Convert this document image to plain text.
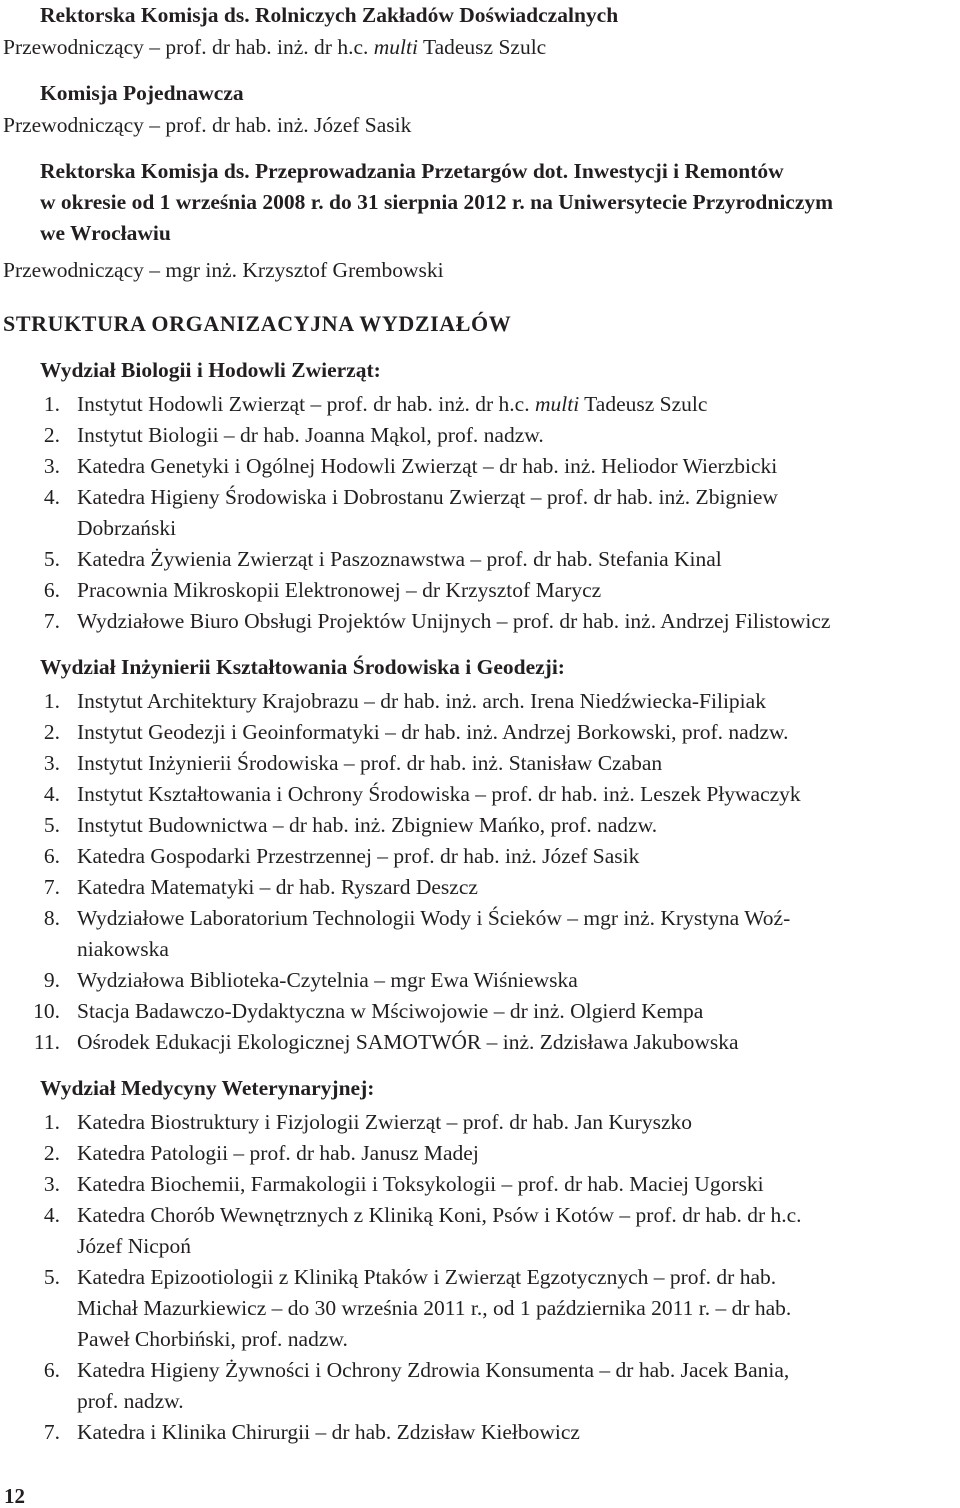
Rektorska Komisja ds. Rolniczych Zakładów Doświadczalnych
Przewodniczący – prof. dr hab. inż. dr h.c. multi Tadeusz Szulc
Komisja Pojednawcza
Przewodniczący – prof. dr hab. inż. Józef Sasik
Rektorska Komisja ds. Przeprowadzania Przetargów dot. Inwestycji i Remontów
w okresie od 1 września 2008 r. do 31 sierpnia 2012 r. na Uniwersytecie Przyrodniczym
we Wrocławiu
Przewodniczący – mgr inż. Krzysztof Grembowski
STRUKTURA ORGANIZACYJNA WYDZIAŁÓW
Wydział Biologii i Hodowli Zwierząt:
1. Instytut Hodowli Zwierząt – prof. dr hab. inż. dr h.c. multi Tadeusz Szulc
2. Instytut Biologii – dr hab. Joanna Mąkol, prof. nadzw.
3. Katedra Genetyki i Ogólnej Hodowli Zwierząt – dr hab. inż. Heliodor Wierzbicki
4. Katedra Higieny Środowiska i Dobrostanu Zwierząt – prof. dr hab. inż. Zbigniew
Dobrzański
5. Katedra Żywienia Zwierząt i Paszoznawstwa – prof. dr hab. Stefania Kinal
6. Pracownia Mikroskopii Elektronowej – dr Krzysztof Marycz
7. Wydziałowe Biuro Obsługi Projektów Unijnych – prof. dr hab. inż. Andrzej Filistowicz
Wydział Inżynierii Kształtowania Środowiska i Geodezji:
1. Instytut Architektury Krajobrazu – dr hab. inż. arch. Irena Niedźwiecka-Filipiak
2. Instytut Geodezji i Geoinformatyki – dr hab. inż. Andrzej Borkowski, prof. nadzw.
3. Instytut Inżynierii Środowiska – prof. dr hab. inż. Stanisław Czaban
4. Instytut Kształtowania i Ochrony Środowiska – prof. dr hab. inż. Leszek Pływaczyk
5. Instytut Budownictwa – dr hab. inż. Zbigniew Mańko, prof. nadzw.
6. Katedra Gospodarki Przestrzennej – prof. dr hab. inż. Józef Sasik
7. Katedra Matematyki – dr hab. Ryszard Deszcz
8. Wydziałowe Laboratorium Technologii Wody i Ścieków – mgr inż. Krystyna Woź-
niakowska
9. Wydziałowa Biblioteka-Czytelnia – mgr Ewa Wiśniewska
10. Stacja Badawczo-Dydaktyczna w Mściwojowie – dr inż. Olgierd Kempa
11. Ośrodek Edukacji Ekologicznej SAMOTWÓR – inż. Zdzisława Jakubowska
Wydział Medycyny Weterynaryjnej:
1. Katedra Biostruktury i Fizjologii Zwierząt – prof. dr hab. Jan Kuryszko
2. Katedra Patologii – prof. dr hab. Janusz Madej
3. Katedra Biochemii, Farmakologii i Toksykologii – prof. dr hab. Maciej Ugorski
4. Katedra Chorób Wewnętrznych z Kliniką Koni, Psów i Kotów – prof. dr hab. dr h.c.
Józef Nicpoń
5. Katedra Epizootiologii z Kliniką Ptaków i Zwierząt Egzotycznych – prof. dr hab.
Michał Mazurkiewicz – do 30 września 2011 r., od 1 października 2011 r. – dr hab.
Paweł Chorbiński, prof. nadzw.
6. Katedra Higieny Żywności i Ochrony Zdrowia Konsumenta – dr hab. Jacek Bania,
prof. nadzw.
7. Katedra i Klinika Chirurgii – dr hab. Zdzisław Kiełbowicz
12
